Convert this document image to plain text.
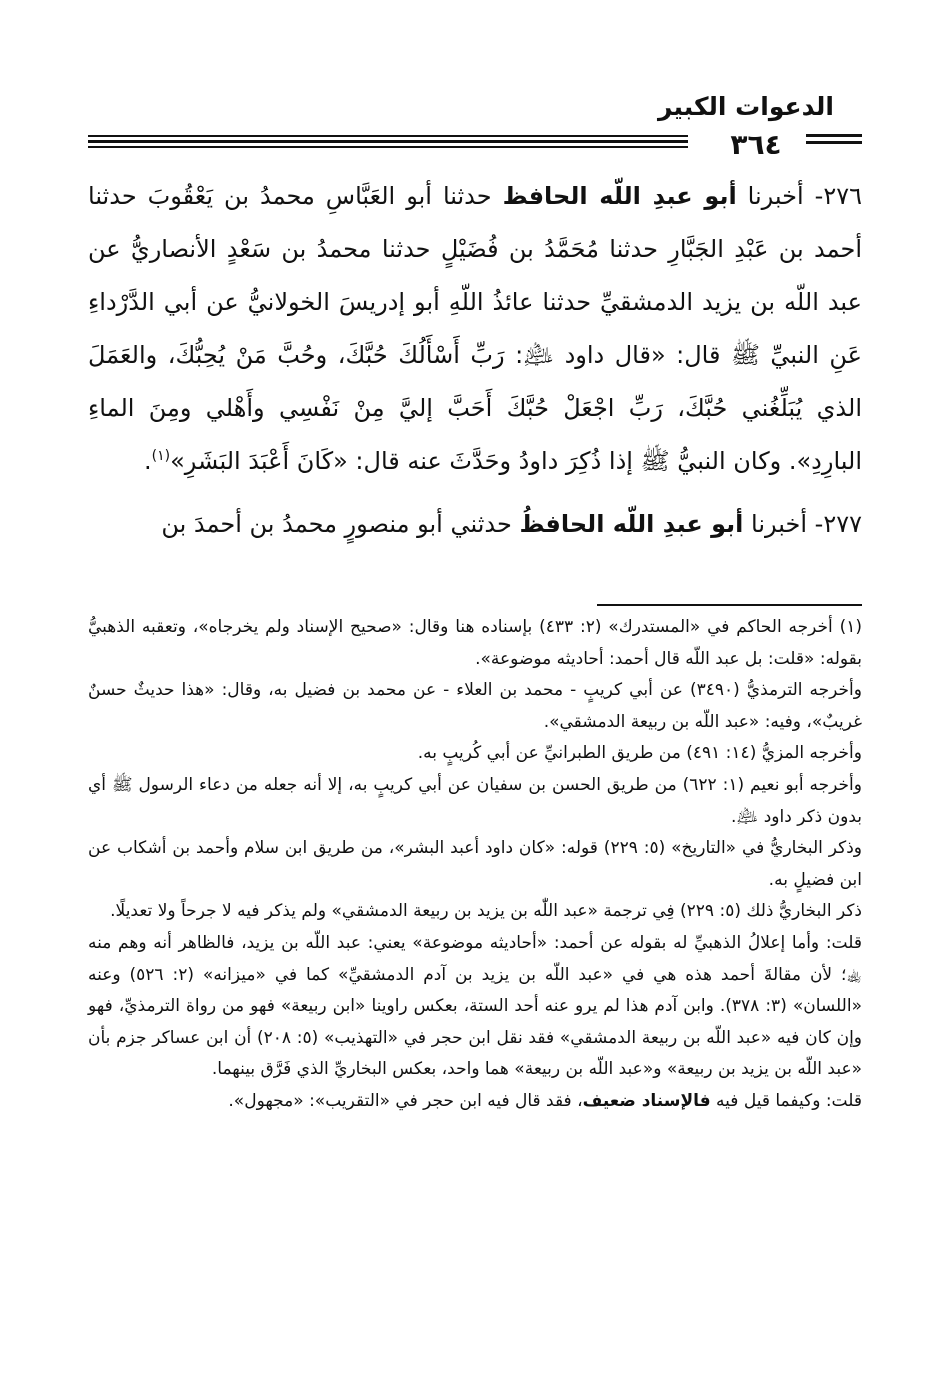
الدعوات الكبير
٣٦٤

٢٧٦- أخبرنا أبو عبدِ اللّه الحافظ حدثنا أبو العَبَّاسِ محمدُ بن يَعْقُوبَ حدثنا أحمد بن عَبْدِ الجَبَّارِ حدثنا مُحَمَّدُ بن فُضَيْلٍ حدثنا محمدُ بن سَعْدٍ الأنصاريُّ عن عبد اللّه بن يزيد الدمشقيِّ حدثنا عائذُ اللّهِ أبو إدريسَ الخولانيُّ عن أبي الدَّرْداءِ عَنِ النبيِّ ﷺ قال: «قال داود ﵇: رَبِّ أَسْأَلُكَ حُبَّكَ، وحُبَّ مَنْ يُحِبُّكَ، والعَمَلَ الذي يُبَلِّغُني حُبَّكَ، رَبِّ اجْعَلْ حُبَّكَ أَحَبَّ إليَّ مِنْ نَفْسِي وأَهْلي ومِنَ الماءِ البارِدِ». وكان النبيُّ ﷺ إذا ذُكِرَ داودُ وحَدَّثَ عنه قال: «كَانَ أَعْبَدَ البَشَرِ»$^{(١)}$.

٢٧٧- أخبرنا أبو عبدِ اللّه الحافظُ حدثني أبو منصورٍ محمدُ بن أحمدَ بن

(١) أخرجه الحاكم في «المستدرك» (٢: ٤٣٣) بإسناده هنا وقال: «صحيح الإسناد ولم يخرجاه»، وتعقبه الذهبيُّ بقوله: «قلت: بل عبد اللّه قال أحمد: أحاديثه موضوعة».

وأخرجه الترمذيُّ (٣٤٩٠) عن أبي كريبٍ - محمد بن العلاء - عن محمد بن فضيل به، وقال: «هذا حديثٌ حسنٌ غريبٌ»، وفيه: «عبد اللّه بن ربيعة الدمشقي».

وأخرجه المزيُّ (١٤: ٤٩١) من طريق الطبرانيِّ عن أبي كُريبٍ به.

وأخرجه أبو نعيم (١: ٦٢٢) من طريق الحسن بن سفيان عن أبي كريبٍ به، إلا أنه جعله من دعاء الرسول ﷺ أي بدون ذكر داود ﵇.

وذكر البخاريُّ في «التاريخ» (٥: ٢٢٩) قوله: «كان داود أعبد البشر»، من طريق ابن سلام وأحمد بن أشكاب عن ابن فضيلٍ به.

ذكر البخاريُّ ذلك (٥: ٢٢٩) فِي ترجمة «عبد اللّٰه بن يزيد بن ربيعة الدمشقي» ولم يذكر فيه لا جرحاً ولا تعديلًا.

قلت: وأما إعلالُ الذهبيِّ له بقوله عن أحمد: «أحاديثه موضوعة» يعني: عبد اللّه بن يزيد، فالظاهر أنه وهم منه ﵀؛ لأن مقالةَ أحمد هذه هي في «عبد اللّه بن يزيد بن آدم الدمشقيِّ» كما في «ميزانه» (٢: ٥٢٦) وعنه «اللسان» (٣: ٣٧٨). وابن آدم هذا لم يرو عنه أحد الستة، بعكس راوينا «ابن ربيعة» فهو من رواة الترمذيِّ، فهو وإن كان فيه «عبد اللّه بن ربيعة الدمشقي» فقد نقل ابن حجر في «التهذيب» (٥: ٢٠٨) أن ابن عساكر جزم بأن «عبد اللّه بن يزيد بن ربيعة» و«عبد اللّه بن ربيعة» هما واحد، بعكس البخاريِّ الذي فَرَّق بينهما.

قلت: وكيفما قيل فيه فالإسناد ضعيف، فقد قال فيه ابن حجر في «التقريب»: «مجهول».
